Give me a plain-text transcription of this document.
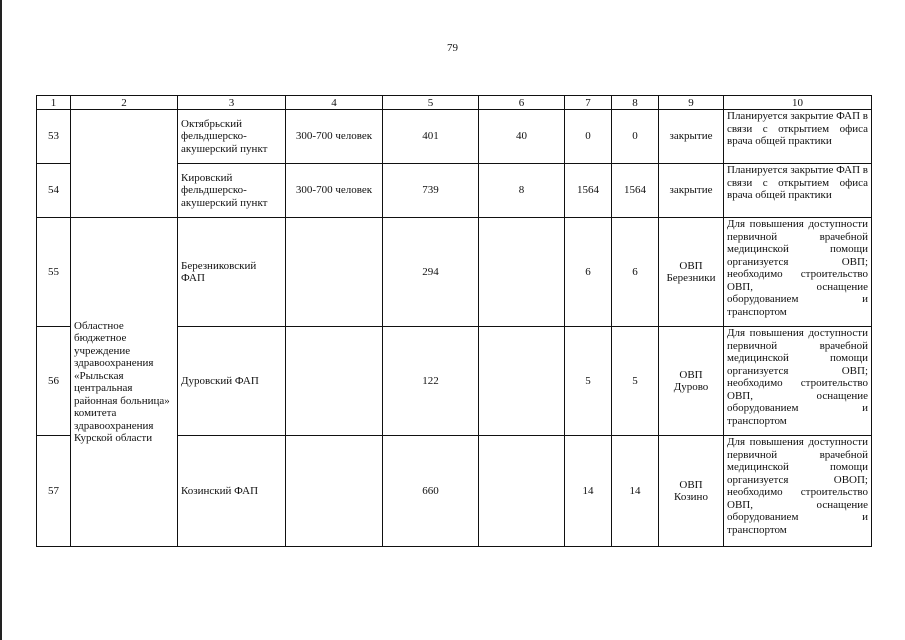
79
1	2	3	4	5	6	7	8	9	10
53		Октябрьский фельдшерско-акушерский пункт	300-700 человек	401	40	0	0	закрытие	Планируется закрытие ФАП в связи с открытием офиса врача общей практики
54		Кировский фельдшерско-акушерский пункт	300-700 человек	739	8	1564	1564	закрытие	Планируется закрытие ФАП в связи с открытием офиса врача общей практики
55	Областное бюджетное учреждение здравоохранения «Рыльская центральная районная больница» комитета здравоохранения Курской области	Березниковский ФАП		294		6	6	ОВП Березники	Для повышения доступности первичной врачебной медицинской помощи организуется ОВП; необходимо строительство ОВП, оснащение оборудованием и транспортом
56		Дуровский ФАП		122		5	5	ОВП Дурово	Для повышения доступности первичной врачебной медицинской помощи организуется ОВП; необходимо строительство ОВП, оснащение оборудованием и транспортом
57		Козинский ФАП		660		14	14	ОВП Козино	Для повышения доступности первичной врачебной медицинской помощи организуется ОВОП; необходимо строительство ОВП, оснащение оборудованием и транспортом
